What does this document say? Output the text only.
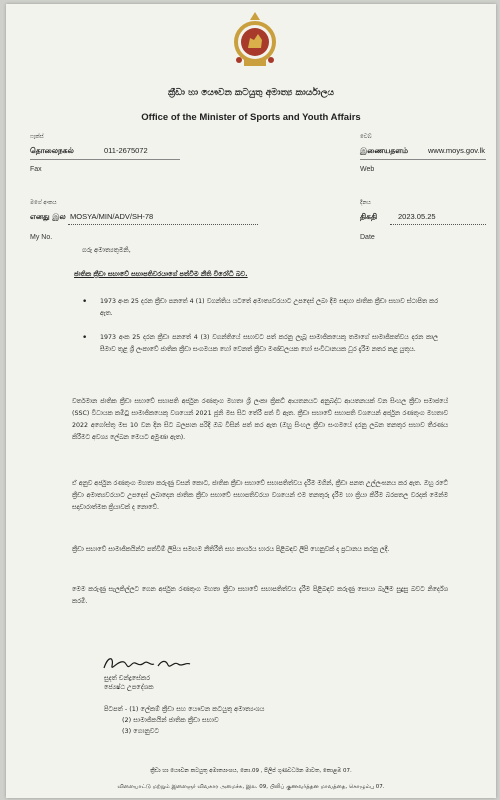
ක්‍රීඩා හා යෞවන කටයුතු අමාත්‍ය කාර්යාලය
Office of the Minister of Sports and Youth Affairs
ෆැක්ස්
தொலைநகல்	011-2675072
Fax
වෙබ්
இணையதளம்	www.moys.gov.lk
Web
මගේ අංකය
எனது இல MOSYA/MIN/ADV/SH-78
My No.
දිනය
திகதி	2023.05.25
Date
ගරු අමාත්‍යතුමනි,
ජාතික ක්‍රීඩා සභාවේ සභාපතිවරයාගේ පත්වීම නීති විරෝධී බව.
• 1973 අංක 25 දරන ක්‍රීඩා පනතේ 4 (1) වගන්තිය යටතේ අමාත්‍යවරයාට උපදෙස් ලබා දීම සඳහා ජාතික ක්‍රීඩා සභාව ස්ථාපිත කර ඇත.
• 1973 අංක 25 දරන ක්‍රීඩා පනතේ 4 (3) වගන්තියේ සභාවට පත් කරනු ලැබූ සාමාජිකයෙකු තමාගේ සාමාජිකත්වය දරන කාල සීමාව තුළ ශ්‍රී ලංකාවේ ජාතික ක්‍රීඩා සංගමයක හෝ වෙනත් ක්‍රීඩා මණ්ඩලයක හෝ සංවිධානයක ධූර දැරීම නතර කළ යුතුය.
වර්තමාන ජාතික ක්‍රීඩා සභාවේ සභාපති අර්ජුන රණතුංග මහතා ශ්‍රී ලංකා ක්‍රිකට් ආයතනයට අනුබද්ධ ආයතනයක් වන සිංහල ක්‍රීඩා සමාජයේ (SSC) විධායක කමිටු සාමාජිකයෙකු වශයෙන් 2021 ජූනි මස සිට තේරී පත් වී ඇත. ක්‍රීඩා සභාවේ සභාපති වශයෙන් අර්ජුන රණතුංග මහතාව 2022 අගෝස්තු මස 10 වන දින සිට බලපාන පරිදි ඔබ විසින් පත් කර ඇත (ඔහු සිංහල ක්‍රීඩා සංගමයේ දරනු ලබන තනතුර සභාව තීරණය කිරීමට අවශ්‍ය ලේඛන මෙයට අමුණා ඇත).
ඒ අනුව අර්ජුන රණතුංග මහතා කරුණු වසන් කොට, ජාතික ක්‍රීඩා සභාවේ සභාපතිත්වය දැරීම මගින්, ක්‍රීඩා පනත උල්ලංඝනය කර ඇත. ඔහු රටේ ක්‍රීඩා අමාත්‍යවරයාට උපදෙස් ලබාදෙන ජාතික ක්‍රීඩා සභාවේ සභාපතිවරයා වශයෙන් එම තනතුරු දැරීම හා ක්‍රියා කිරීම බරපතල වරදක් මෙන්ම සදාචාරාත්මක ක්‍රියාවක් ද නොවේ.
ක්‍රීඩා සභාවේ සාමාජිකයින්ට පත්වීම් ලිපිය සමඟම නීතිරීති සහ කාර්යය භාරය පිළිබඳව ලිපි හෙනුවක් ද ප්‍රධානය කරනු ලදී.
මෙම කරුණු සැලකිල්ලට ගෙන අර්ජුන රණතුංග මහතා ක්‍රීඩා සභාවේ සභාපතිත්වය දැරීම පිළිබඳව කරුණු සොයා බැලීම සුදුසු බවට නිර්දේශ කරමි.
සුදත් චන්ද්‍රසේකර
ජ්‍යෙෂ්ඨ උපදේශක
පිටපත් - (1) ලේකම් ක්‍රීඩා සහ යෞවන කටයුතු අමාත්‍යංශය
(2) සාමාජිකයින් ජාතික ක්‍රීඩා සභාව
(3) ගොනුවට
ක්‍රීඩා හා යෞවන කටයුතු අමාත්‍යාංශය, නො.09 , පිලිප් ගුණවර්ධන මාවත, කොළඹ 07.
விளையாட்டு மற்றும் இளைஞர் விவகார அமைச்சு, இல. 09, பிலிப் குணவர்த்தன மாவத்தை, கொழும்பு 07.
